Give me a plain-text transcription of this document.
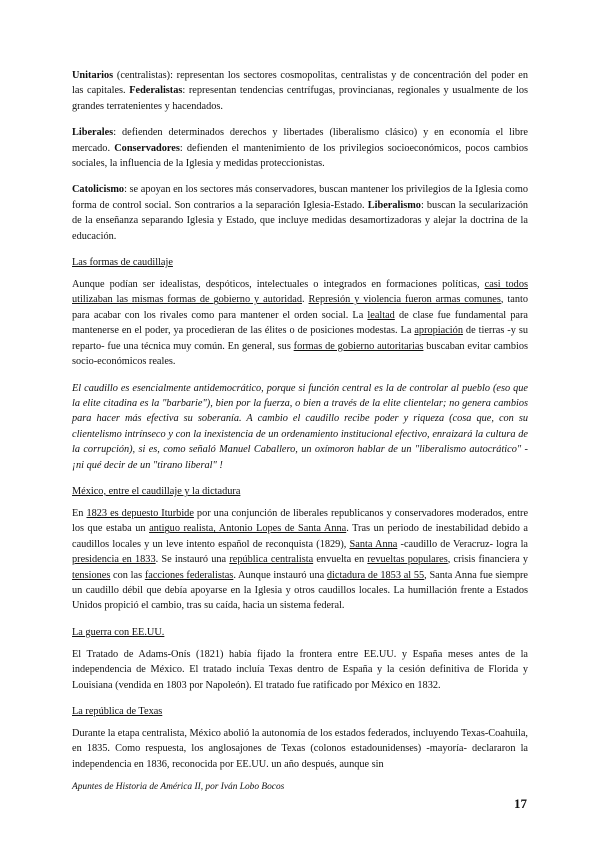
Unitarios (centralistas): representan los sectores cosmopolitas, centralistas y de concentración del poder en las capitales. Federalistas: representan tendencias centrífugas, provincianas, regionales y usualmente de los grandes terratenientes y hacendados.

Liberales: defienden determinados derechos y libertades (liberalismo clásico) y en economía el libre mercado. Conservadores: defienden el mantenimiento de los privilegios socioeconómicos, pocos cambios sociales, la influencia de la Iglesia y medidas proteccionistas.

Catolicismo: se apoyan en los sectores más conservadores, buscan mantener los privilegios de la Iglesia como forma de control social. Son contrarios a la separación Iglesia-Estado. Liberalismo: buscan la secularización de la enseñanza separando Iglesia y Estado, que incluye medidas desamortizadoras y alejar la doctrina de la educación.

Las formas de caudillaje

Aunque podían ser idealistas, despóticos, intelectuales o integrados en formaciones políticas, casi todos utilizaban las mismas formas de gobierno y autoridad. Represión y violencia fueron armas comunes, tanto para acabar con los rivales como para mantener el orden social. La lealtad de clase fue fundamental para mantenerse en el poder, ya procedieran de las élites o de posiciones modestas. La apropiación de tierras -y su reparto- fue una técnica muy común. En general, sus formas de gobierno autoritarias buscaban evitar cambios socio-económicos reales.

El caudillo es esencialmente antidemocrático, porque si función central es la de controlar al pueblo (eso que la elite citadina es la "barbarie"), bien por la fuerza, o bien a través de la elite clientelar; no genera cambios para hacer más efectiva su soberanía. A cambio el caudillo recibe poder y riqueza (cosa que, con su clientelismo intrínseco y con la inexistencia de un ordenamiento institucional efectivo, enraizará la cultura de la corrupción), si es, como señaló Manuel Caballero, un oxímoron hablar de un "liberalismo autocrático" -¡ni qué decir de un "tirano liberal" !

México, entre el caudillaje y la dictadura

En 1823 es depuesto Iturbide por una conjunción de liberales republicanos y conservadores moderados, entre los que estaba un antiguo realista, Antonio Lopes de Santa Anna. Tras un periodo de inestabilidad debido a caudillos locales y un leve intento español de reconquista (1829), Santa Anna -caudillo de Veracruz- logra la presidencia en 1833. Se instauró una república centralista envuelta en revueltas populares, crisis financiera y tensiones con las facciones federalistas. Aunque instauró una dictadura de 1853 al 55, Santa Anna fue siempre un caudillo débil que debía apoyarse en la Iglesia y otros caudillos locales. La humillación frente a Estados Unidos propició el cambio, tras su caída, hacia un sistema federal.

La guerra con EE.UU.

El Tratado de Adams-Onís (1821) había fijado la frontera entre EE.UU. y España meses antes de la independencia de México. El tratado incluía Texas dentro de España y la cesión definitiva de Florida y Louisiana (vendida en 1803 por Napoleón). El tratado fue ratificado por México en 1832.

La república de Texas

Durante la etapa centralista, México abolió la autonomía de los estados federados, incluyendo Texas-Coahuila, en 1835. Como respuesta, los anglosajones de Texas (colonos estadounidenses) -mayoría- declararon la independencia en 1836, reconocida por EE.UU. un año después, aunque sin

Apuntes de Historia de América II, por Iván Lobo Bocos
17
